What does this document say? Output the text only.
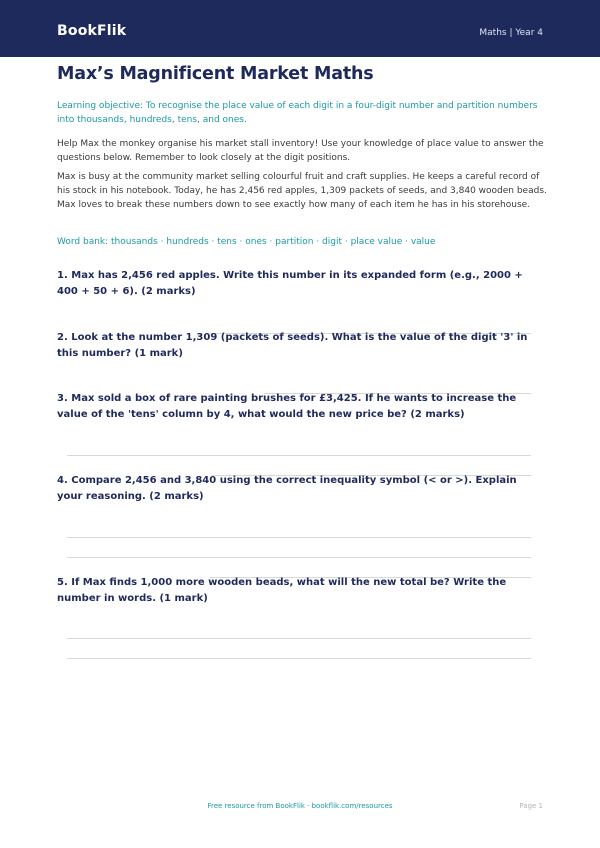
BookFlik	Maths | Year 4
Max’s Magnificent Market Maths
Learning objective: To recognise the place value of each digit in a four-digit number and partition numbers into thousands, hundreds, tens, and ones.
Help Max the monkey organise his market stall inventory! Use your knowledge of place value to answer the questions below. Remember to look closely at the digit positions.
Max is busy at the community market selling colourful fruit and craft supplies. He keeps a careful record of his stock in his notebook. Today, he has 2,456 red apples, 1,309 packets of seeds, and 3,840 wooden beads. Max loves to break these numbers down to see exactly how many of each item he has in his storehouse.
Word bank: thousands · hundreds · tens · ones · partition · digit · place value · value
1. Max has 2,456 red apples. Write this number in its expanded form (e.g., 2000 + 400 + 50 + 6). (2 marks)
2. Look at the number 1,309 (packets of seeds). What is the value of the digit '3' in this number? (1 mark)
3. Max sold a box of rare painting brushes for £3,425. If he wants to increase the value of the 'tens' column by 4, what would the new price be? (2 marks)
4. Compare 2,456 and 3,840 using the correct inequality symbol (< or >). Explain your reasoning. (2 marks)
5. If Max finds 1,000 more wooden beads, what will the new total be? Write the number in words. (1 mark)
Free resource from BookFlik · bookflik.com/resources	Page 1
